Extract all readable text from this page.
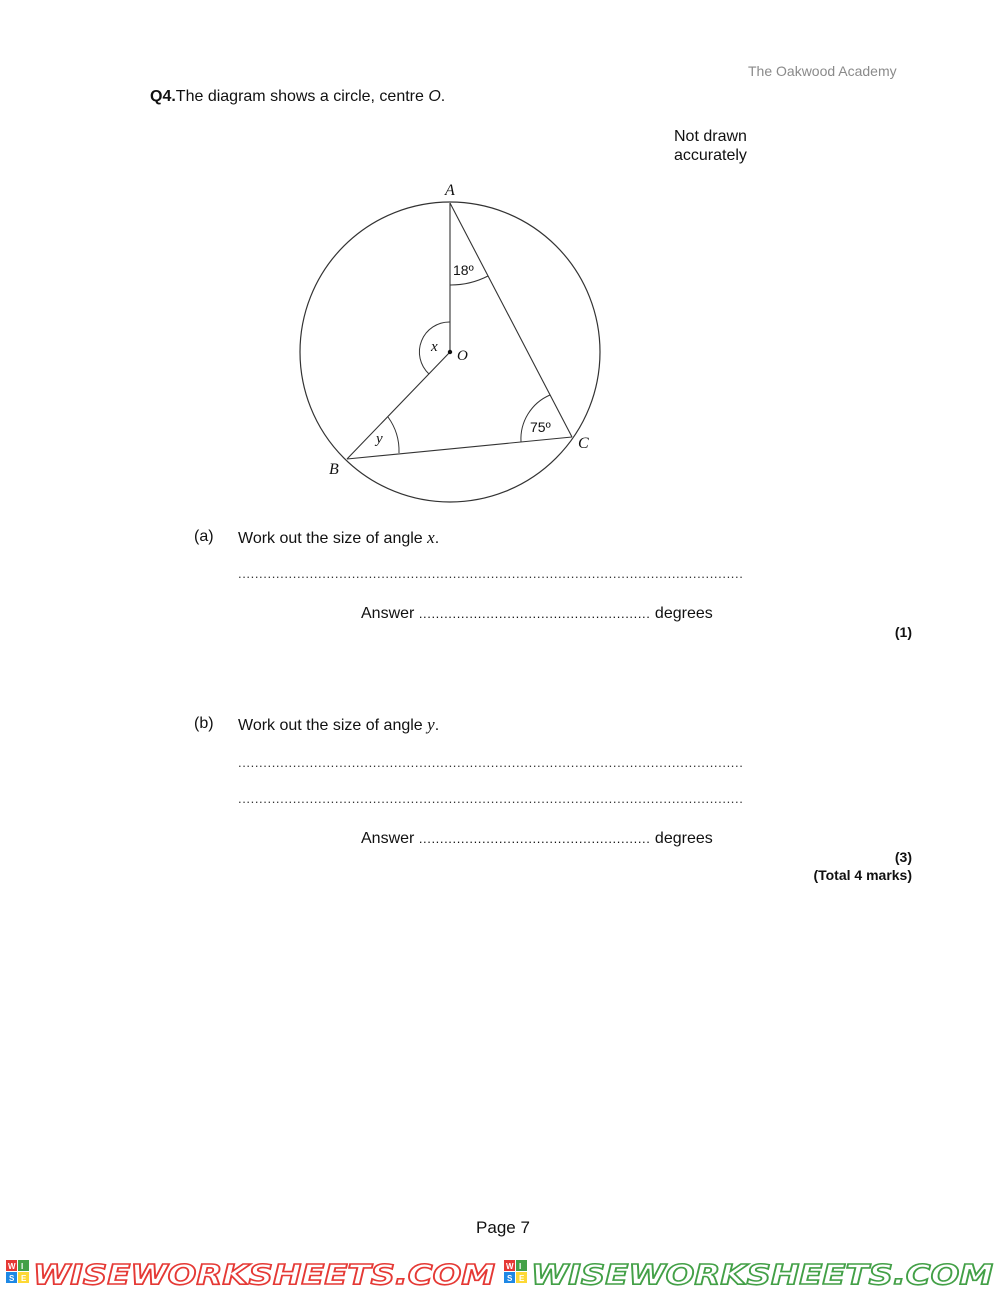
The Oakwood Academy
Q4.The diagram shows a circle, centre O.
Not drawn
accurately
A
B
C
O
18º
75º
x
y
(a) Work out the size of angle x.
........................................................................................................................
Answer ....................................................... degrees
(1)
(b) Work out the size of angle y.
........................................................................................................................
........................................................................................................................
Answer ....................................................... degrees
(3)
(Total 4 marks)
Page 7
W I
S E WISEWORKSHEETS.COM W I
S E WISEWORKSHEETS.COM
